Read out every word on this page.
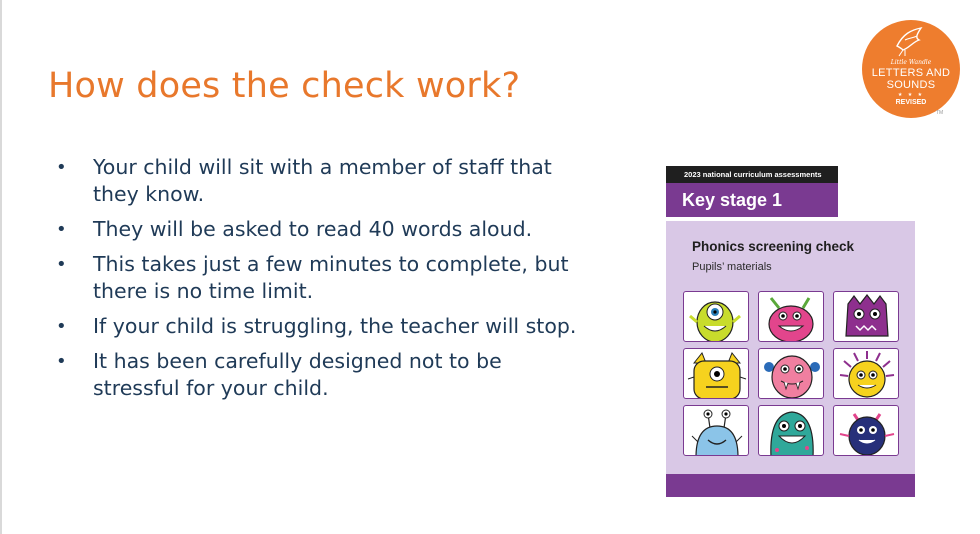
How does the check work?
• Your child will sit with a member of staff that they know.
• They will be asked to read 40 words aloud.
• This takes just a few minutes to complete, but there is no time limit.
• If your child is struggling, the teacher will stop.
• It has been carefully designed not to be stressful for your child.
Little Wandle
LETTERS AND
SOUNDS
★ ★ ★
REVISED
TM
2023 national curriculum assessments
Key stage 1
Phonics screening check
Pupils’ materials
